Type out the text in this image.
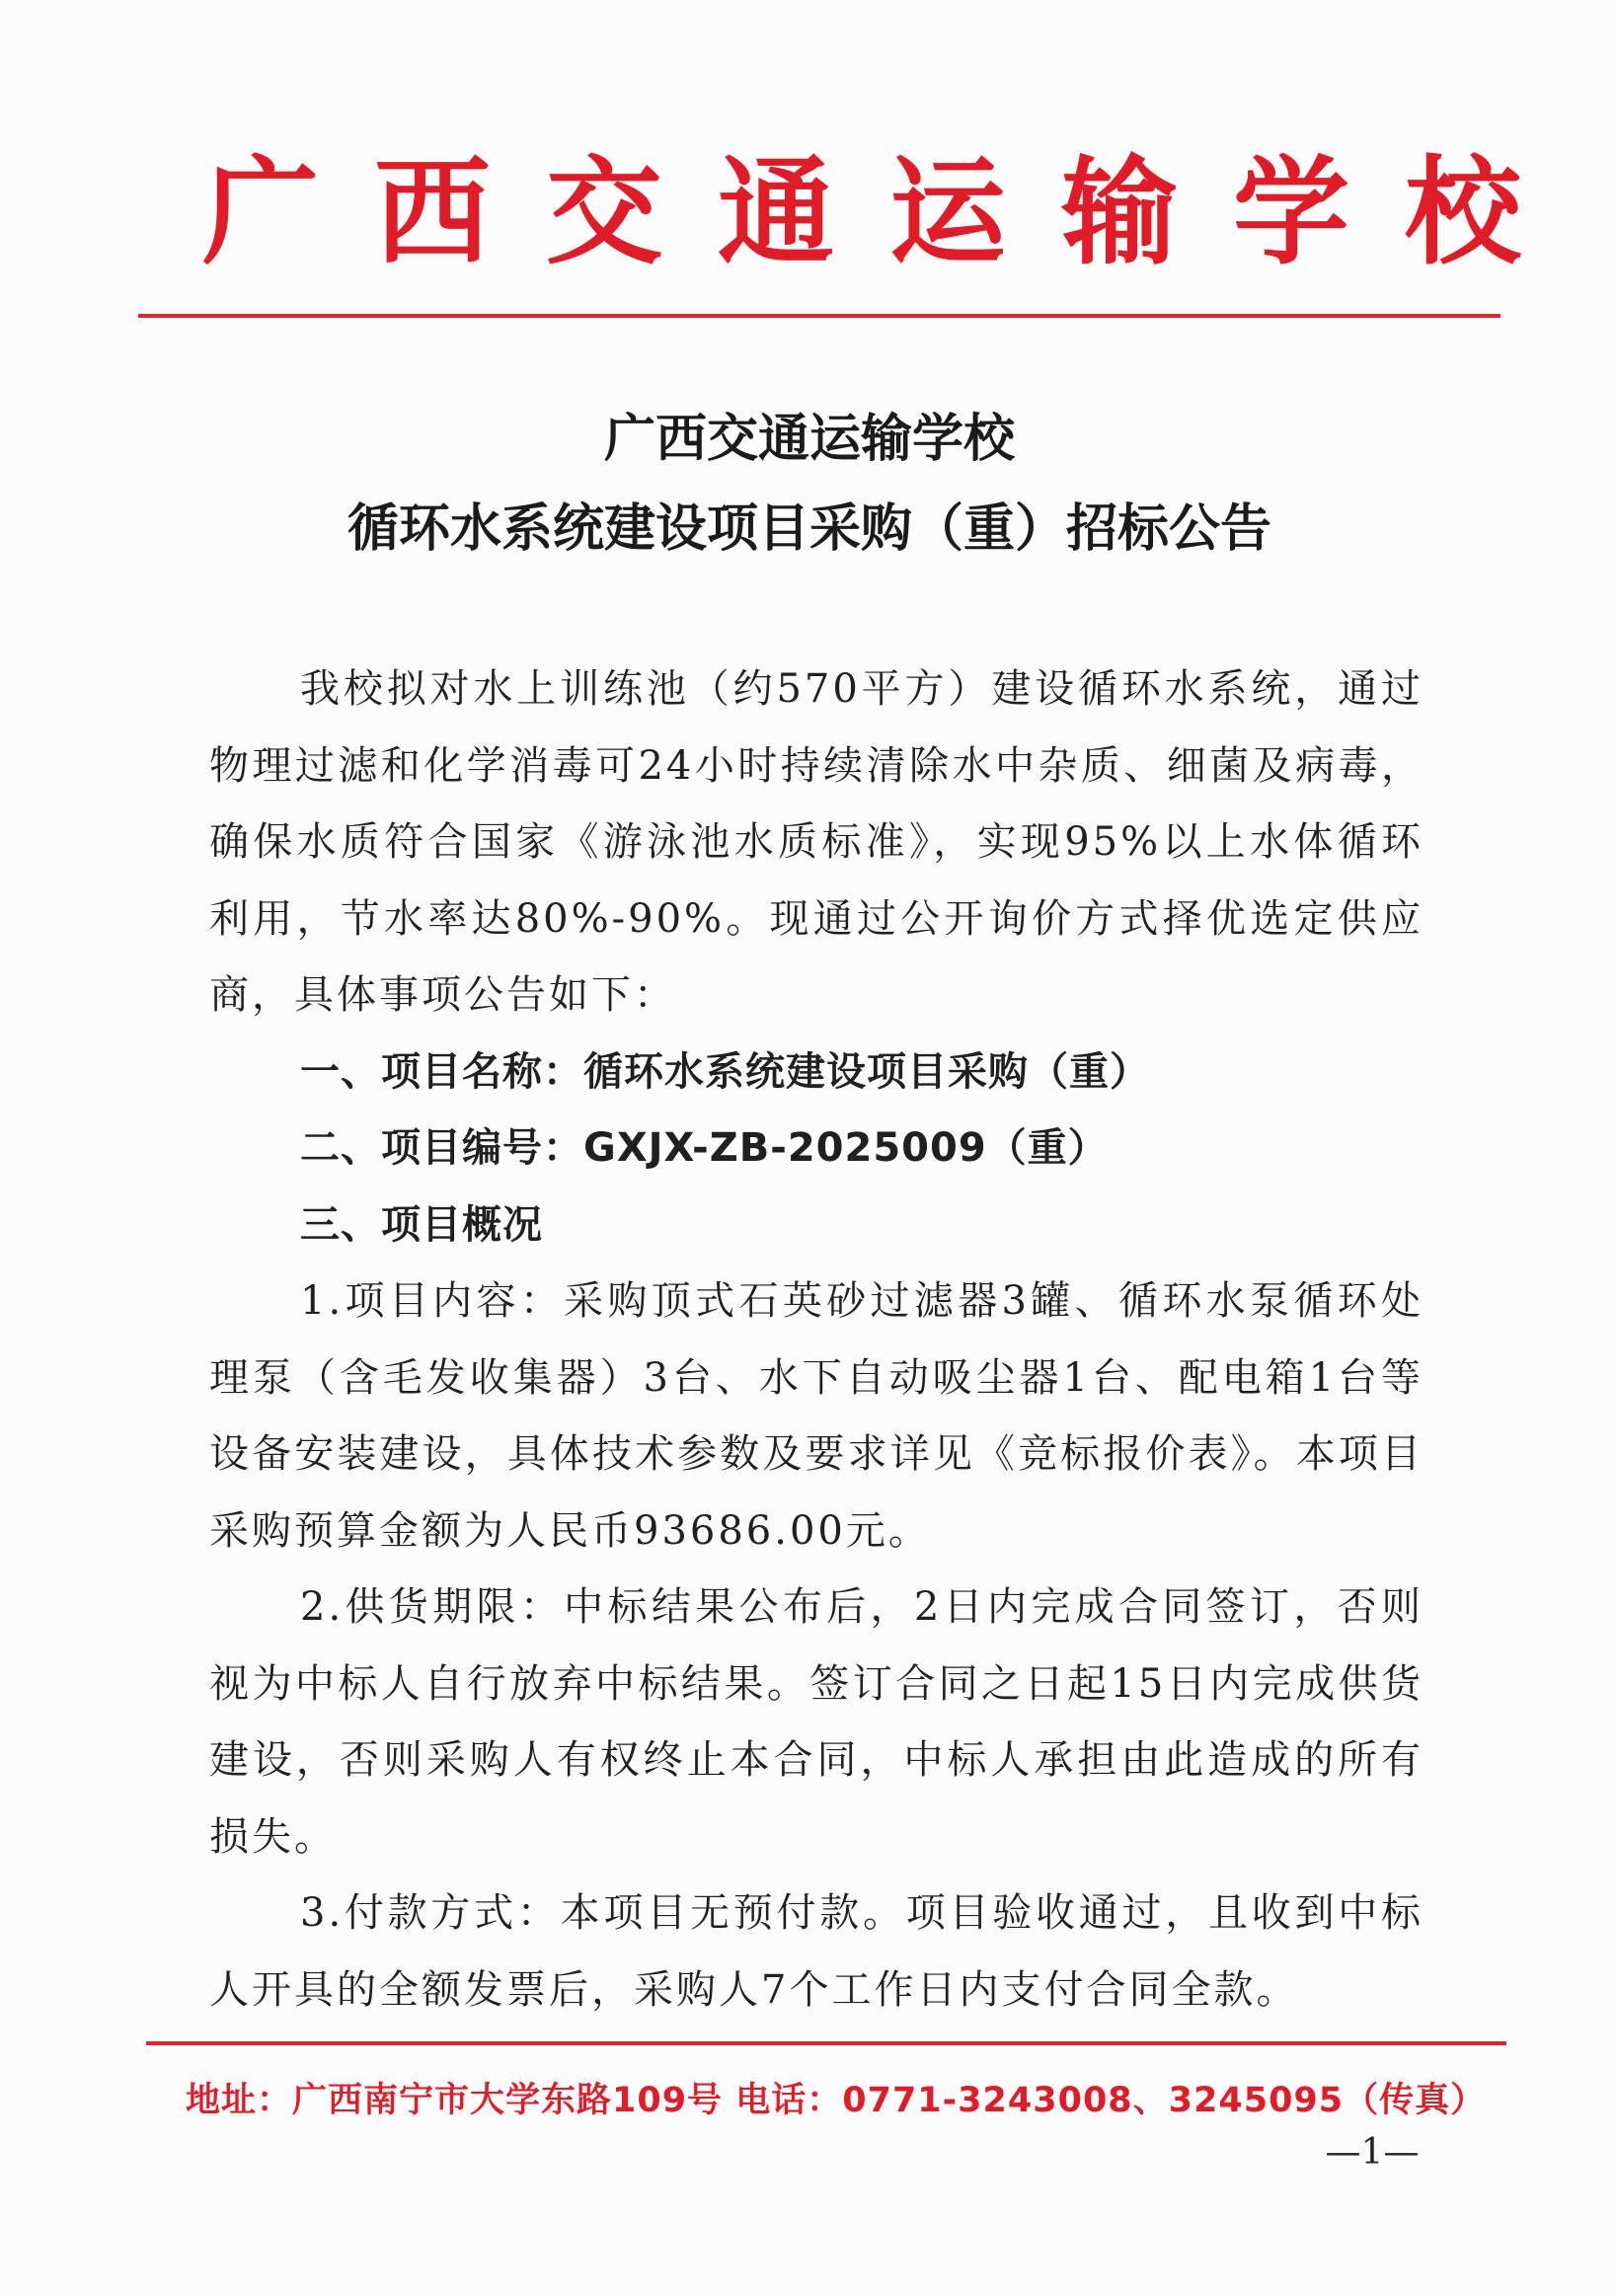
广西交通运输学校
广西交通运输学校
循环水系统建设项目采购（重）招标公告

我校拟对水上训练池（约570平方）建设循环水系统，通过物理过滤和化学消毒可24小时持续清除水中杂质、细菌及病毒，确保水质符合国家《游泳池水质标准》，实现95%以上水体循环利用，节水率达80%-90%。现通过公开询价方式择优选定供应商，具体事项公告如下：

一、项目名称：循环水系统建设项目采购（重）

二、项目编号：GXJX-ZB-2025009（重）

三、项目概况

1.项目内容：采购顶式石英砂过滤器3罐、循环水泵循环处理泵（含毛发收集器）3台、水下自动吸尘器1台、配电箱1台等设备安装建设，具体技术参数及要求详见《竞标报价表》。本项目采购预算金额为人民币93686.00元。

2.供货期限：中标结果公布后，2日内完成合同签订，否则视为中标人自行放弃中标结果。签订合同之日起15日内完成供货建设，否则采购人有权终止本合同，中标人承担由此造成的所有损失。

3.付款方式：本项目无预付款。项目验收通过，且收到中标人开具的全额发票后，采购人7个工作日内支付合同全款。

地址：广西南宁市大学东路109号 电话：0771-3243008、3245095（传真）
—1—
